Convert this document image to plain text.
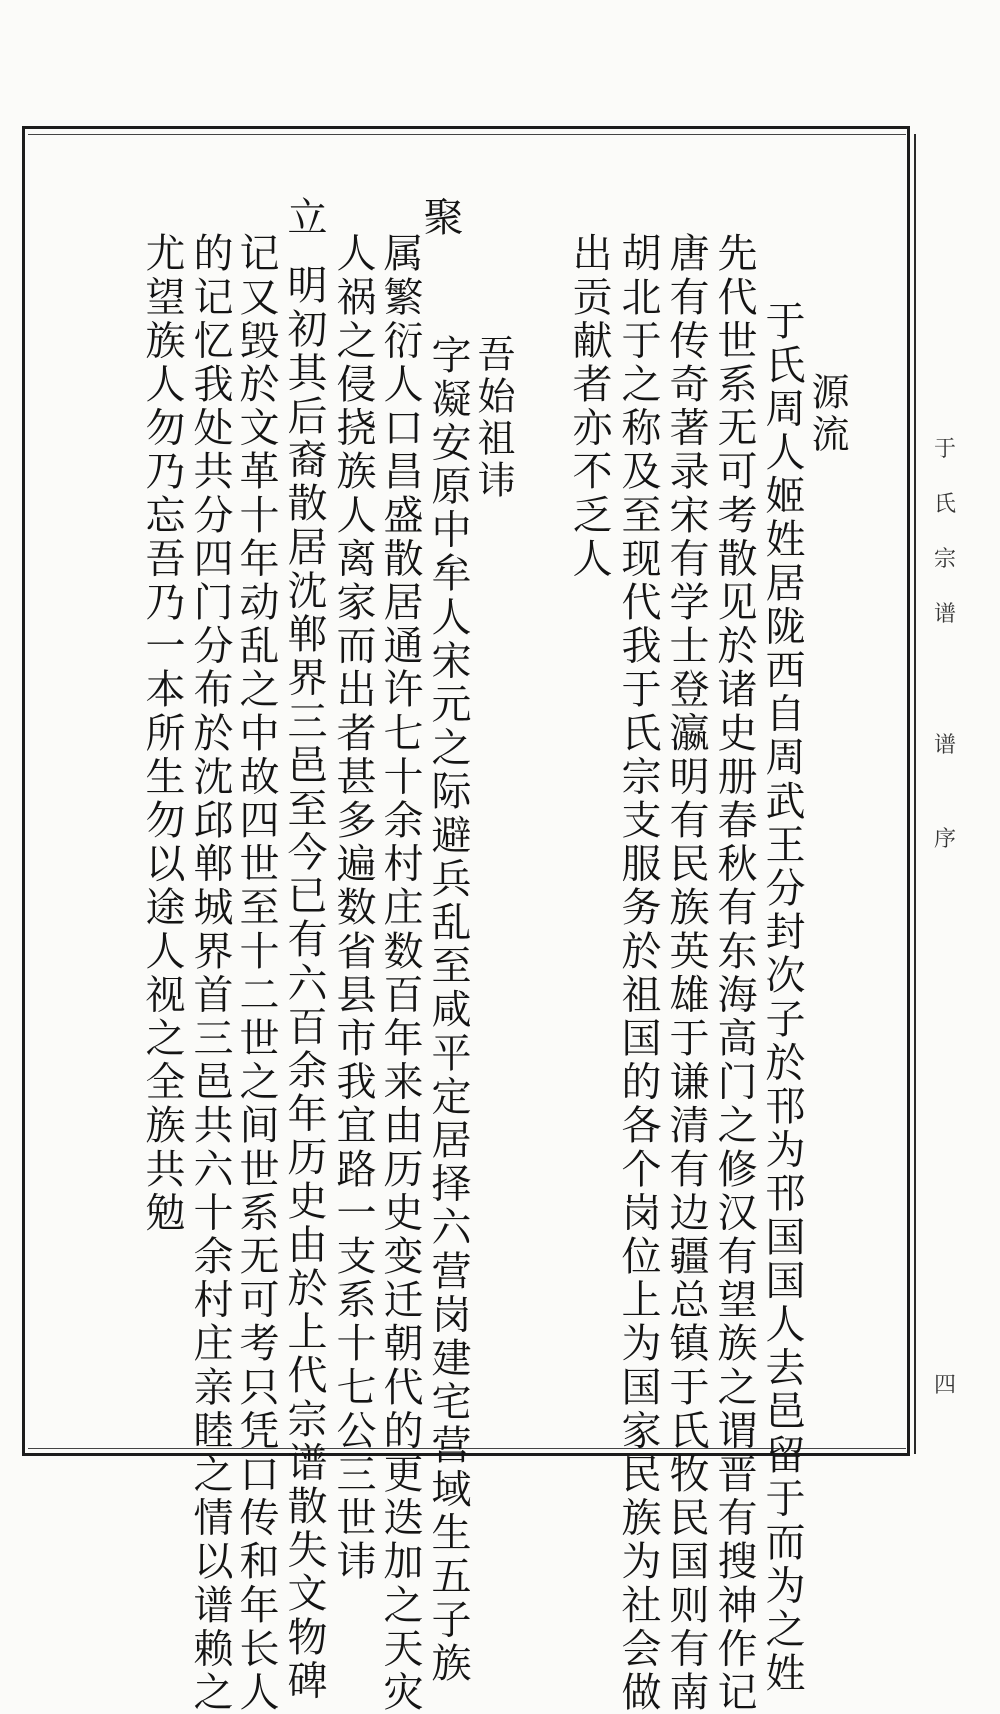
于
氏
宗
谱
谱
序
四
源流
于氏周人姬姓居陇西自周武王分封次子於邗为邗国国人去邑留于而为之姓
先代世系无可考散见於诸史册春秋有东海高门之修汉有望族之谓晋有搜神作记
唐有传奇著录宋有学士登瀛明有民族英雄于谦清有边疆总镇于氏牧民国则有南
胡北于之称及至现代我于氏宗支服务於祖国的各个岗位上为国家民族为社会做
出贡献者亦不乏人
吾始祖讳
字凝安原中牟人宋元之际避兵乱至咸平定居择六营岗建宅营域生五子族
聚
属繁衍人口昌盛散居通许七十余村庄数百年来由历史变迁朝代的更迭加之天灾
人祸之侵挠族人离家而出者甚多遍数省县市我宜路一支系十七公三世讳
立
明初其后裔散居沈郸界三邑至今已有六百余年历史由於上代宗谱散失文物碑
记又毁於文革十年动乱之中故四世至十二世之间世系无可考只凭口传和年长人
的记忆我处共分四门分布於沈邱郸城界首三邑共六十余村庄亲睦之情以谱赖之
尤望族人勿乃忘吾乃一本所生勿以途人视之全族共勉
